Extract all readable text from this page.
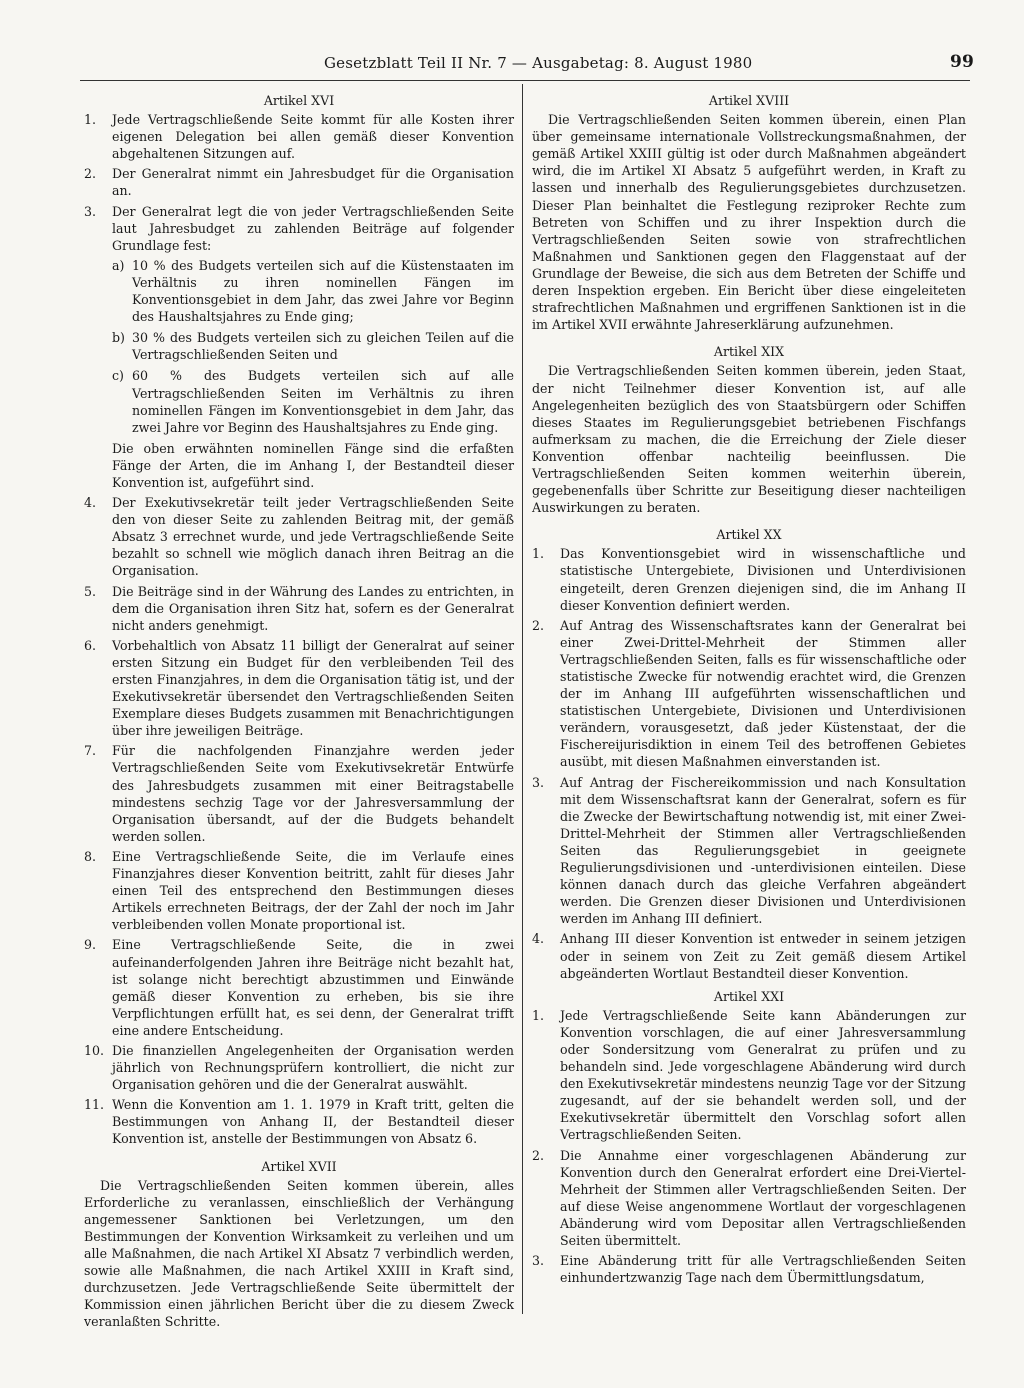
Gesetzblatt Teil II Nr. 7 — Ausgabetag: 8. August 1980	99
Artikel XVI
1.	Jede Vertragschließende Seite kommt für alle Kosten ihrer eigenen Delegation bei allen gemäß dieser Konvention abgehaltenen Sitzungen auf.
2.	Der Generalrat nimmt ein Jahresbudget für die Organisation an.
3.	Der Generalrat legt die von jeder Vertragschließenden Seite laut Jahresbudget zu zahlenden Beiträge auf folgender Grundlage fest:
a) 10 % des Budgets verteilen sich auf die Küstenstaaten im Verhältnis zu ihren nominellen Fängen im Konventionsgebiet in dem Jahr, das zwei Jahre vor Beginn des Haushaltsjahres zu Ende ging;
b) 30 % des Budgets verteilen sich zu gleichen Teilen auf die Vertragschließenden Seiten und
c) 60 % des Budgets verteilen sich auf alle Vertragschließenden Seiten im Verhältnis zu ihren nominellen Fängen im Konventionsgebiet in dem Jahr, das zwei Jahre vor Beginn des Haushaltsjahres zu Ende ging.
Die oben erwähnten nominellen Fänge sind die erfaßten Fänge der Arten, die im Anhang I, der Bestandteil dieser Konvention ist, aufgeführt sind.
4.	Der Exekutivsekretär teilt jeder Vertragschließenden Seite den von dieser Seite zu zahlenden Beitrag mit, der gemäß Absatz 3 errechnet wurde, und jede Vertragschließende Seite bezahlt so schnell wie möglich danach ihren Beitrag an die Organisation.
5.	Die Beiträge sind in der Währung des Landes zu entrichten, in dem die Organisation ihren Sitz hat, sofern es der Generalrat nicht anders genehmigt.
6.	Vorbehaltlich von Absatz 11 billigt der Generalrat auf seiner ersten Sitzung ein Budget für den verbleibenden Teil des ersten Finanzjahres, in dem die Organisation tätig ist, und der Exekutivsekretär übersendet den Vertragschließenden Seiten Exemplare dieses Budgets zusammen mit Benachrichtigungen über ihre jeweiligen Beiträge.
7.	Für die nachfolgenden Finanzjahre werden jeder Vertragschließenden Seite vom Exekutivsekretär Entwürfe des Jahresbudgets zusammen mit einer Beitragstabelle mindestens sechzig Tage vor der Jahresversammlung der Organisation übersandt, auf der die Budgets behandelt werden sollen.
8.	Eine Vertragschließende Seite, die im Verlaufe eines Finanzjahres dieser Konvention beitritt, zahlt für dieses Jahr einen Teil des entsprechend den Bestimmungen dieses Artikels errechneten Beitrags, der der Zahl der noch im Jahr verbleibenden vollen Monate proportional ist.
9.	Eine Vertragschließende Seite, die in zwei aufeinanderfolgenden Jahren ihre Beiträge nicht bezahlt hat, ist solange nicht berechtigt abzustimmen und Einwände gemäß dieser Konvention zu erheben, bis sie ihre Verpflichtungen erfüllt hat, es sei denn, der Generalrat trifft eine andere Entscheidung.
10. Die finanziellen Angelegenheiten der Organisation werden jährlich von Rechnungsprüfern kontrolliert, die nicht zur Organisation gehören und die der Generalrat auswählt.
11. Wenn die Konvention am 1. 1. 1979 in Kraft tritt, gelten die Bestimmungen von Anhang II, der Bestandteil dieser Konvention ist, anstelle der Bestimmungen von Absatz 6.
Artikel XVII
Die Vertragschließenden Seiten kommen überein, alles Erforderliche zu veranlassen, einschließlich der Verhängung angemessener Sanktionen bei Verletzungen, um den Bestimmungen der Konvention Wirksamkeit zu verleihen und um alle Maßnahmen, die nach Artikel XI Absatz 7 verbindlich werden, sowie alle Maßnahmen, die nach Artikel XXIII in Kraft sind, durchzusetzen. Jede Vertragschließende Seite übermittelt der Kommission einen jährlichen Bericht über die zu diesem Zweck veranlaßten Schritte.
Artikel XVIII
Die Vertragschließenden Seiten kommen überein, einen Plan über gemeinsame internationale Vollstreckungsmaßnahmen, der gemäß Artikel XXIII gültig ist oder durch Maßnahmen abgeändert wird, die im Artikel XI Absatz 5 aufgeführt werden, in Kraft zu lassen und innerhalb des Regulierungsgebietes durchzusetzen. Dieser Plan beinhaltet die Festlegung reziproker Rechte zum Betreten von Schiffen und zu ihrer Inspektion durch die Vertragschließenden Seiten sowie von strafrechtlichen Maßnahmen und Sanktionen gegen den Flaggenstaat auf der Grundlage der Beweise, die sich aus dem Betreten der Schiffe und deren Inspektion ergeben. Ein Bericht über diese eingeleiteten strafrechtlichen Maßnahmen und ergriffenen Sanktionen ist in die im Artikel XVII erwähnte Jahreserklärung aufzunehmen.
Artikel XIX
Die Vertragschließenden Seiten kommen überein, jeden Staat, der nicht Teilnehmer dieser Konvention ist, auf alle Angelegenheiten bezüglich des von Staatsbürgern oder Schiffen dieses Staates im Regulierungsgebiet betriebenen Fischfangs aufmerksam zu machen, die die Erreichung der Ziele dieser Konvention offenbar nachteilig beeinflussen. Die Vertragschließenden Seiten kommen weiterhin überein, gegebenenfalls über Schritte zur Beseitigung dieser nachteiligen Auswirkungen zu beraten.
Artikel XX
1.	Das Konventionsgebiet wird in wissenschaftliche und statistische Untergebiete, Divisionen und Unterdivisionen eingeteilt, deren Grenzen diejenigen sind, die im Anhang II dieser Konvention definiert werden.
2.	Auf Antrag des Wissenschaftsrates kann der Generalrat bei einer Zwei-Drittel-Mehrheit der Stimmen aller Vertragschließenden Seiten, falls es für wissenschaftliche oder statistische Zwecke für notwendig erachtet wird, die Grenzen der im Anhang III aufgeführten wissenschaftlichen und statistischen Untergebiete, Divisionen und Unterdivisionen verändern, vorausgesetzt, daß jeder Küstenstaat, der die Fischereijurisdiktion in einem Teil des betroffenen Gebietes ausübt, mit diesen Maßnahmen einverstanden ist.
3.	Auf Antrag der Fischereikommission und nach Konsultation mit dem Wissenschaftsrat kann der Generalrat, sofern es für die Zwecke der Bewirtschaftung notwendig ist, mit einer Zwei-Drittel-Mehrheit der Stimmen aller Vertragschließenden Seiten das Regulierungsgebiet in geeignete Regulierungsdivisionen und -unterdivisionen einteilen. Diese können danach durch das gleiche Verfahren abgeändert werden. Die Grenzen dieser Divisionen und Unterdivisionen werden im Anhang III definiert.
4.	Anhang III dieser Konvention ist entweder in seinem jetzigen oder in seinem von Zeit zu Zeit gemäß diesem Artikel abgeänderten Wortlaut Bestandteil dieser Konvention.
Artikel XXI
1.	Jede Vertragschließende Seite kann Abänderungen zur Konvention vorschlagen, die auf einer Jahresversammlung oder Sondersitzung vom Generalrat zu prüfen und zu behandeln sind. Jede vorgeschlagene Abänderung wird durch den Exekutivsekretär mindestens neunzig Tage vor der Sitzung zugesandt, auf der sie behandelt werden soll, und der Exekutivsekretär übermittelt den Vorschlag sofort allen Vertragschließenden Seiten.
2.	Die Annahme einer vorgeschlagenen Abänderung zur Konvention durch den Generalrat erfordert eine Drei-Viertel-Mehrheit der Stimmen aller Vertragschließenden Seiten. Der auf diese Weise angenommene Wortlaut der vorgeschlagenen Abänderung wird vom Depositar allen Vertragschließenden Seiten übermittelt.
3.	Eine Abänderung tritt für alle Vertragschließenden Seiten einhundertzwanzig Tage nach dem Übermittlungsdatum,
